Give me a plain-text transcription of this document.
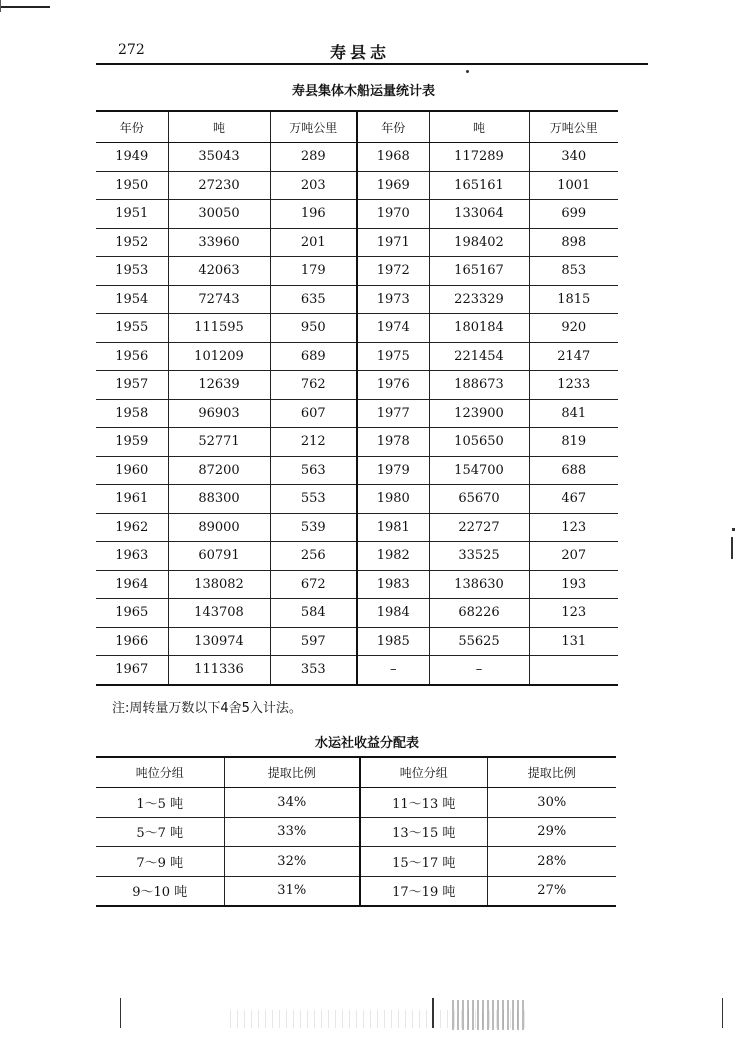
272	寿县志
寿县集体木船运量统计表
年份	吨	万吨公里	年份	吨	万吨公里
1949	35043	289	1968	117289	340
1950	27230	203	1969	165161	1001
1951	30050	196	1970	133064	699
1952	33960	201	1971	198402	898
1953	42063	179	1972	165167	853
1954	72743	635	1973	223329	1815
1955	111595	950	1974	180184	920
1956	101209	689	1975	221454	2147
1957	12639	762	1976	188673	1233
1958	96903	607	1977	123900	841
1959	52771	212	1978	105650	819
1960	87200	563	1979	154700	688
1961	88300	553	1980	65670	467
1962	89000	539	1981	22727	123
1963	60791	256	1982	33525	207
1964	138082	672	1983	138630	193
1965	143708	584	1984	68226	123
1966	130974	597	1985	55625	131
1967	111336	353	–	–	
注:周转量万数以下4舍5入计法。
水运社收益分配表
吨位分组	提取比例	吨位分组	提取比例
1～5 吨	34%	11～13 吨	30%
5～7 吨	33%	13～15 吨	29%
7～9 吨	32%	15～17 吨	28%
9～10 吨	31%	17～19 吨	27%
